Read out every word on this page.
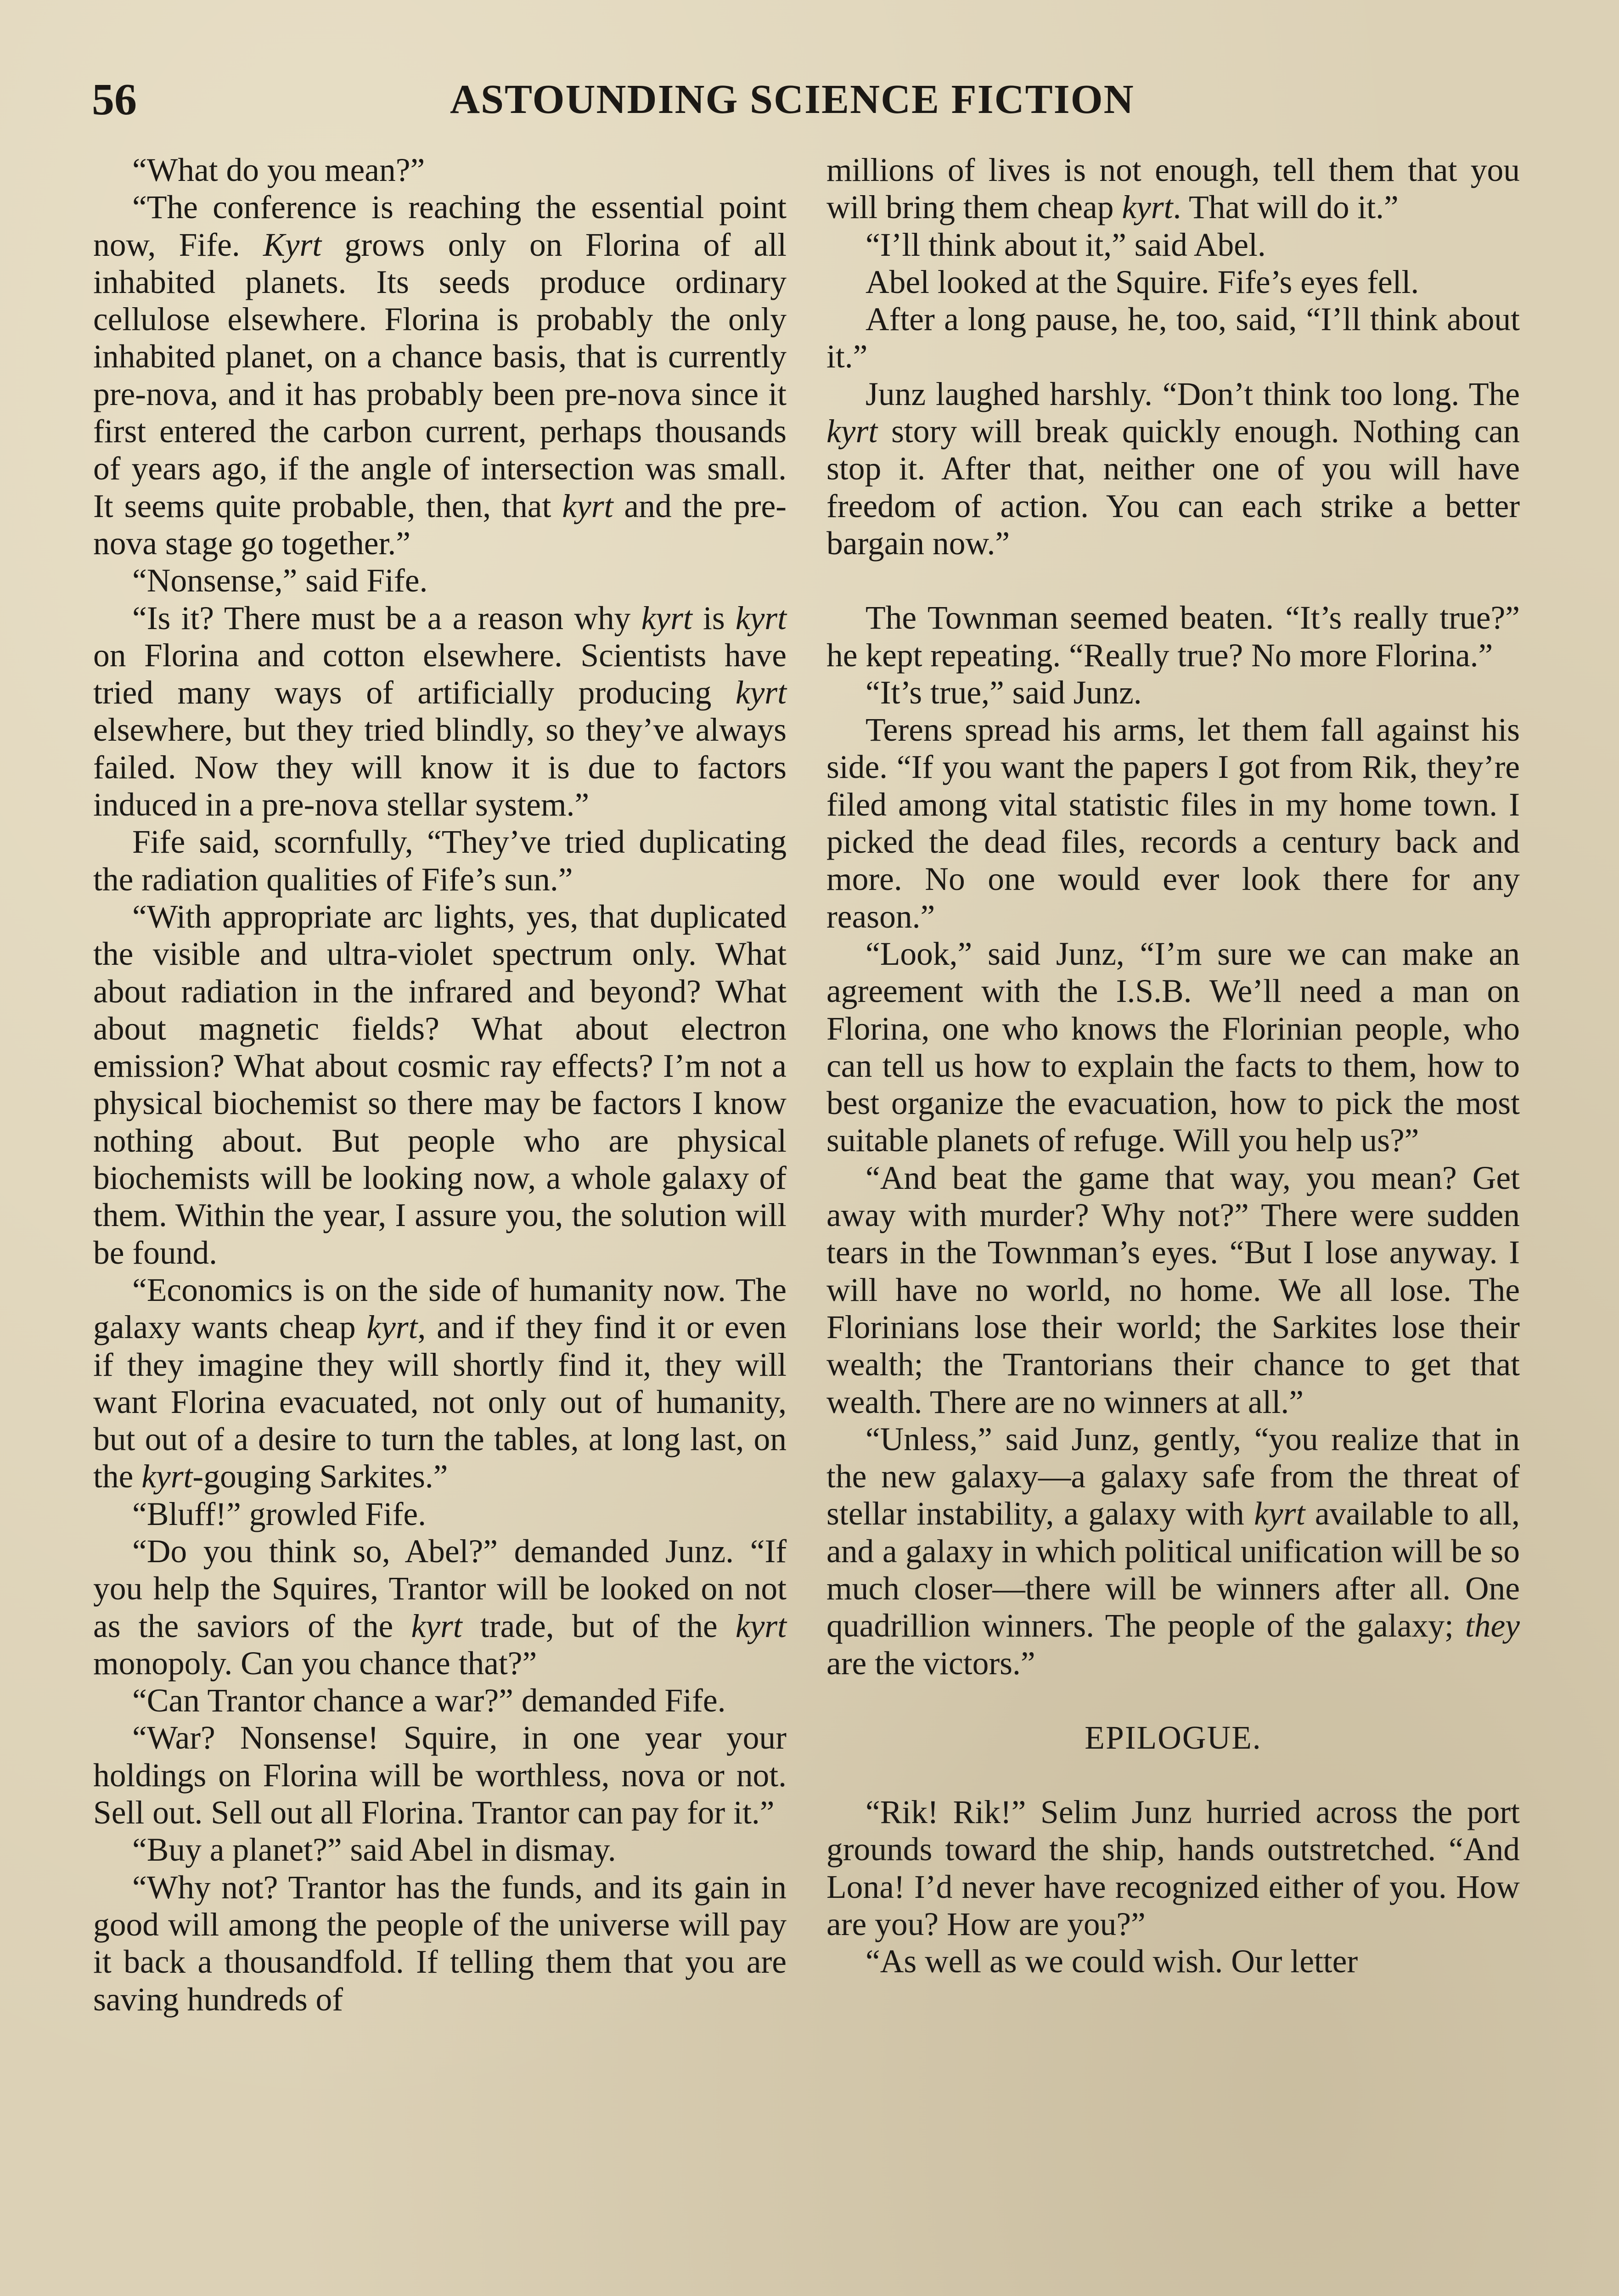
56	ASTOUNDING SCIENCE FICTION

“What do you mean?”

“The conference is reaching the essential point now, Fife. Kyrt grows only on Florina of all inhabited planets. Its seeds produce ordinary cellulose elsewhere. Florina is probably the only inhabited planet, on a chance basis, that is currently pre-nova, and it has probably been pre-nova since it first entered the carbon current, perhaps thousands of years ago, if the angle of intersection was small. It seems quite probable, then, that kyrt and the pre-nova stage go together.”

“Nonsense,” said Fife.

“Is it? There must be a a reason why kyrt is kyrt on Florina and cotton elsewhere. Scientists have tried many ways of artificially producing kyrt elsewhere, but they tried blindly, so they’ve always failed. Now they will know it is due to factors induced in a pre-nova stellar system.”

Fife said, scornfully, “They’ve tried duplicating the radiation qualities of Fife’s sun.”

“With appropriate arc lights, yes, that duplicated the visible and ultra-violet spectrum only. What about radiation in the infrared and beyond? What about magnetic fields? What about electron emission? What about cosmic ray effects? I’m not a physical biochemist so there may be factors I know nothing about. But people who are physical biochemists will be looking now, a whole galaxy of them. Within the year, I assure you, the solution will be found.

“Economics is on the side of humanity now. The galaxy wants cheap kyrt, and if they find it or even if they imagine they will shortly find it, they will want Florina evacuated, not only out of humanity, but out of a desire to turn the tables, at long last, on the kyrt-gouging Sarkites.”

“Bluff!” growled Fife.

“Do you think so, Abel?” demanded Junz. “If you help the Squires, Trantor will be looked on not as the saviors of the kyrt trade, but of the kyrt monopoly. Can you chance that?”

“Can Trantor chance a war?” demanded Fife.

“War? Nonsense! Squire, in one year your holdings on Florina will be worthless, nova or not. Sell out. Sell out all Florina. Trantor can pay for it.”

“Buy a planet?” said Abel in dismay.

“Why not? Trantor has the funds, and its gain in good will among the people of the universe will pay it back a thousandfold. If telling them that you are saving hundreds of

millions of lives is not enough, tell them that you will bring them cheap kyrt. That will do it.”

“I’ll think about it,” said Abel.

Abel looked at the Squire. Fife’s eyes fell.

After a long pause, he, too, said, “I’ll think about it.”

Junz laughed harshly. “Don’t think too long. The kyrt story will break quickly enough. Nothing can stop it. After that, neither one of you will have freedom of action. You can each strike a better bargain now.”

The Townman seemed beaten. “It’s really true?” he kept repeating. “Really true? No more Florina.”

“It’s true,” said Junz.

Terens spread his arms, let them fall against his side. “If you want the papers I got from Rik, they’re filed among vital statistic files in my home town. I picked the dead files, records a century back and more. No one would ever look there for any reason.”

“Look,” said Junz, “I’m sure we can make an agreement with the I.S.B. We’ll need a man on Florina, one who knows the Florinian people, who can tell us how to explain the facts to them, how to best organize the evacuation, how to pick the most suitable planets of refuge. Will you help us?”

“And beat the game that way, you mean? Get away with murder? Why not?” There were sudden tears in the Townman’s eyes. “But I lose anyway. I will have no world, no home. We all lose. The Florinians lose their world; the Sarkites lose their wealth; the Trantorians their chance to get that wealth. There are no winners at all.”

“Unless,” said Junz, gently, “you realize that in the new galaxy—a galaxy safe from the threat of stellar instability, a galaxy with kyrt available to all, and a galaxy in which political unification will be so much closer—there will be winners after all. One quadrillion winners. The people of the galaxy; they are the victors.”

EPILOGUE.

“Rik! Rik!” Selim Junz hurried across the port grounds toward the ship, hands outstretched. “And Lona! I’d never have recognized either of you. How are you? How are you?”

“As well as we could wish. Our letter
